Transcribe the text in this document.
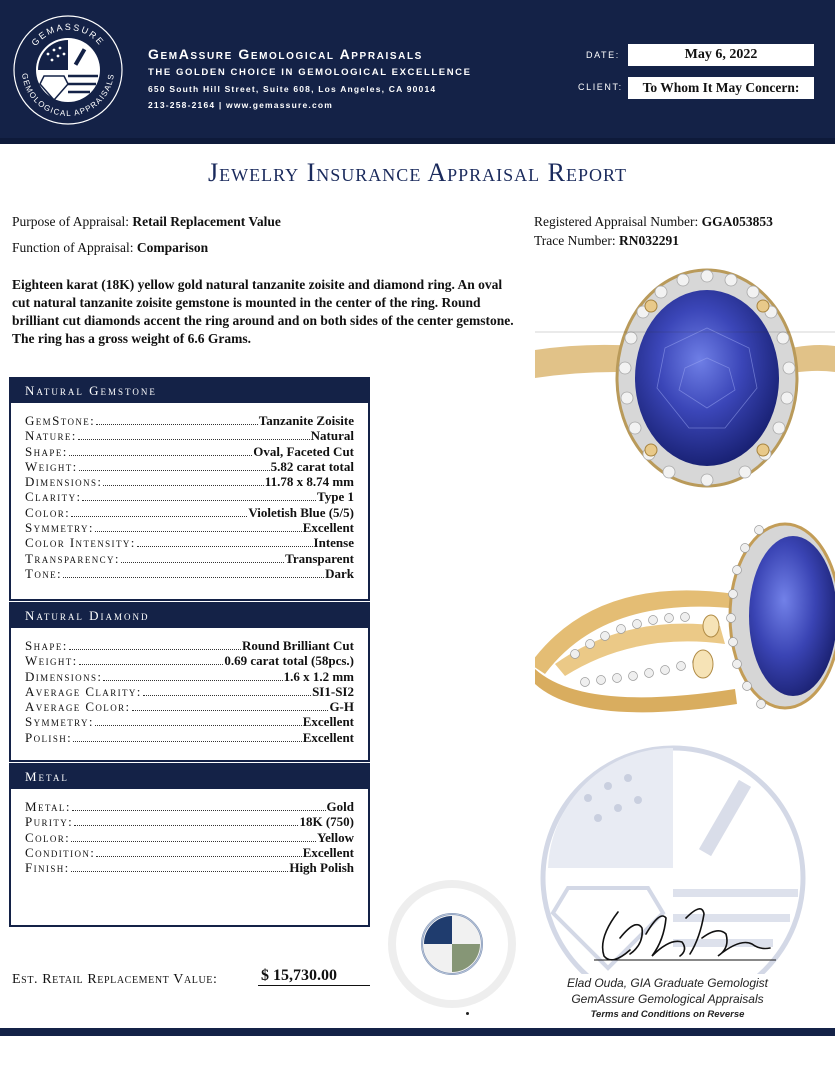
GEMASSURE
GEMOLOGICAL APPRAISALS
GemAssure Gemological Appraisals
THE GOLDEN CHOICE IN GEMOLOGICAL EXCELLENCE
650 South Hill Street, Suite 608, Los Angeles, CA 90014
213-258-2164 | www.gemassure.com
DATE:	May 6, 2022
CLIENT:	To Whom It May Concern:
Jewelry Insurance Appraisal Report
Purpose of Appraisal: Retail Replacement Value
Function of Appraisal: Comparison
Registered Appraisal Number: GGA053853
Trace Number: RN032291
Eighteen karat (18K) yellow gold natural tanzanite zoisite and diamond ring. An oval cut natural tanzanite zoisite gemstone is mounted in the center of the ring. Round brilliant cut diamonds accent the ring around and on both sides of the center gemstone. The ring has a gross weight of 6.6 Grams.
Natural Gemstone
GemStone:	Tanzanite Zoisite
Nature:	Natural
Shape:	Oval, Faceted Cut
Weight:	5.82 carat total
Dimensions:	11.78 x 8.74 mm
Clarity:	Type 1
Color:	Violetish Blue (5/5)
Symmetry:	Excellent
Color Intensity:	Intense
Transparency:	Transparent
Tone:	Dark
Natural Diamond
Shape:	Round Brilliant Cut
Weight:	0.69 carat total (58pcs.)
Dimensions:	1.6 x 1.2 mm
Average Clarity:	SI1-SI2
Average Color:	G-H
Symmetry:	Excellent
Polish:	Excellent
Metal
Metal:	Gold
Purity:	18K (750)
Color:	Yellow
Condition:	Excellent
Finish:	High Polish
Est. Retail Replacement Value:	$ 15,730.00	Elad Ouda, GIA Graduate Gemologist
GemAssure Gemological Appraisals
Terms and Conditions on Reverse
